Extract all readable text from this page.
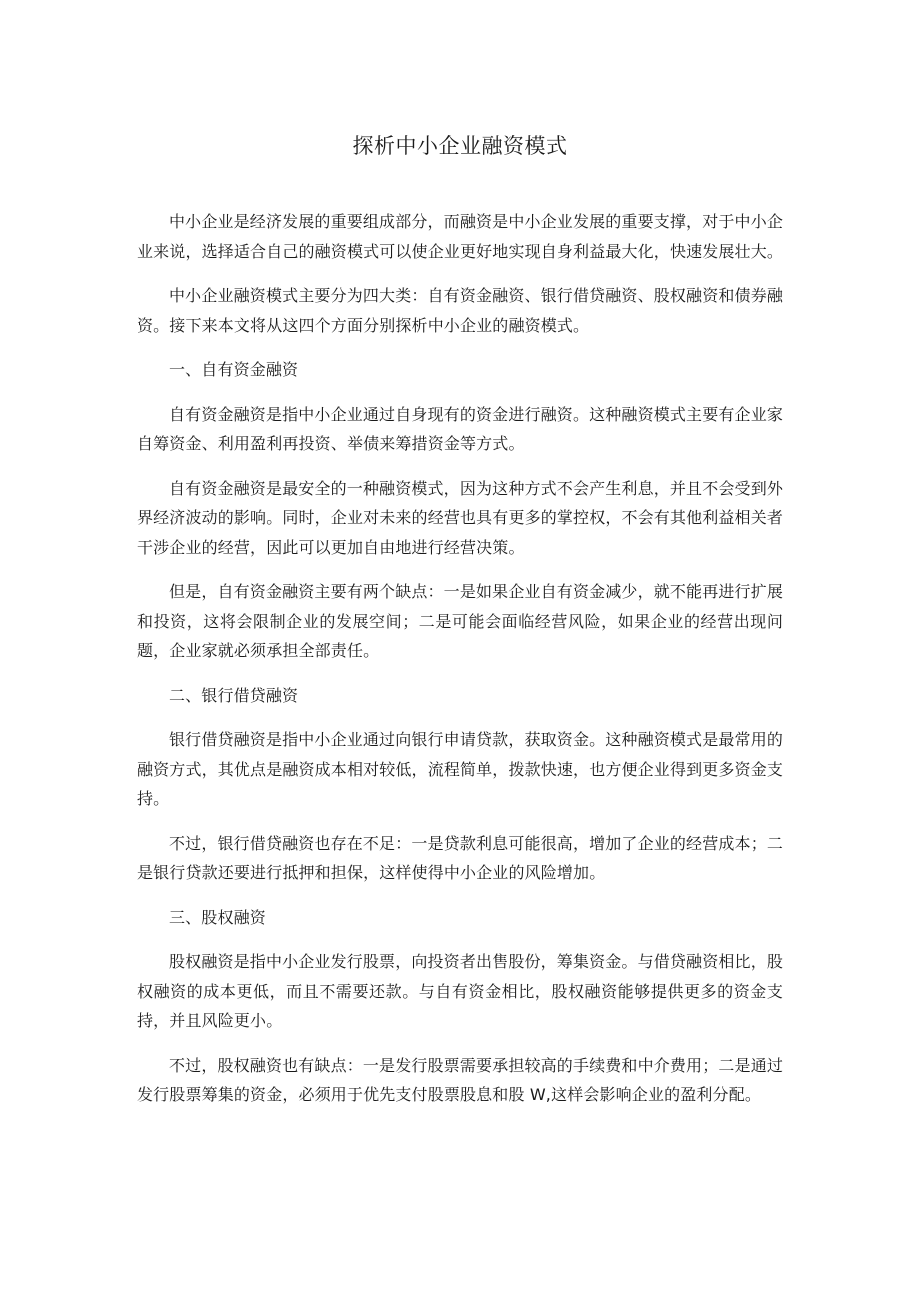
探析中小企业融资模式

中小企业是经济发展的重要组成部分，而融资是中小企业发展的重要支撑，对于中小企业来说，选择适合自己的融资模式可以使企业更好地实现自身利益最大化，快速发展壮大。

中小企业融资模式主要分为四大类：自有资金融资、银行借贷融资、股权融资和债券融资。接下来本文将从这四个方面分别探析中小企业的融资模式。

一、自有资金融资

自有资金融资是指中小企业通过自身现有的资金进行融资。这种融资模式主要有企业家自筹资金、利用盈利再投资、举债来筹措资金等方式。

自有资金融资是最安全的一种融资模式，因为这种方式不会产生利息，并且不会受到外界经济波动的影响。同时，企业对未来的经营也具有更多的掌控权，不会有其他利益相关者干涉企业的经营，因此可以更加自由地进行经营决策。

但是，自有资金融资主要有两个缺点：一是如果企业自有资金减少，就不能再进行扩展和投资，这将会限制企业的发展空间；二是可能会面临经营风险，如果企业的经营出现问题，企业家就必须承担全部责任。

二、银行借贷融资

银行借贷融资是指中小企业通过向银行申请贷款，获取资金。这种融资模式是最常用的融资方式，其优点是融资成本相对较低，流程简单，拨款快速，也方便企业得到更多资金支持。

不过，银行借贷融资也存在不足：一是贷款利息可能很高，增加了企业的经营成本；二是银行贷款还要进行抵押和担保，这样使得中小企业的风险增加。

三、股权融资

股权融资是指中小企业发行股票，向投资者出售股份，筹集资金。与借贷融资相比，股权融资的成本更低，而且不需要还款。与自有资金相比，股权融资能够提供更多的资金支持，并且风险更小。

不过，股权融资也有缺点：一是发行股票需要承担较高的手续费和中介费用；二是通过发行股票筹集的资金，必须用于优先支付股票股息和股 W,这样会影响企业的盈利分配。
